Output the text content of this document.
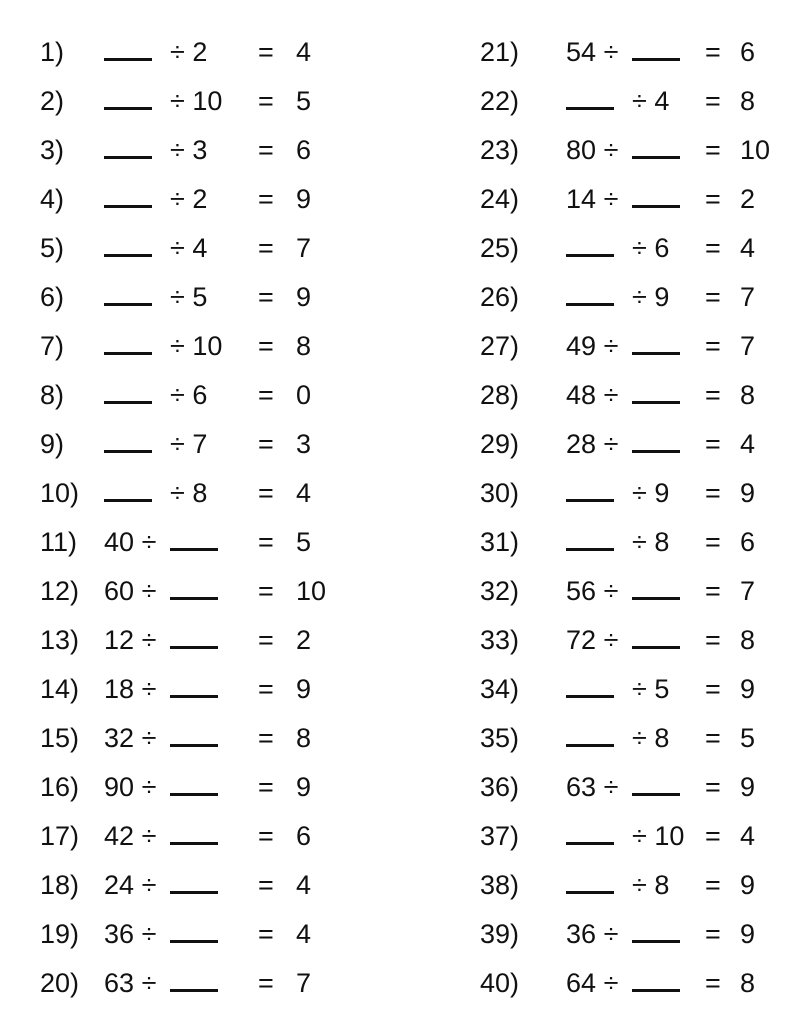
1)	÷ 2 = 4
2)	÷ 10 = 5
3)	÷ 3 = 6
4)	÷ 2 = 9
5)	÷ 4 = 7
6)	÷ 5 = 9
7)	÷ 10 = 8
8)	÷ 6 = 0
9)	÷ 7 = 3
10)	÷ 8 = 4
11) 40 ÷	= 5
12) 60 ÷	= 10
13) 12 ÷	= 2
14) 18 ÷	= 9
15) 32 ÷	= 8
16) 90 ÷	= 9
17) 42 ÷	= 6
18) 24 ÷	= 4
19) 36 ÷	= 4
20) 63 ÷	= 7
21) 54 ÷	= 6
22)	÷ 4 = 8
23) 80 ÷	= 10
24) 14 ÷	= 2
25)	÷ 6 = 4
26)	÷ 9 = 7
27) 49 ÷	= 7
28) 48 ÷	= 8
29) 28 ÷	= 4
30)	÷ 9 = 9
31)	÷ 8 = 6
32) 56 ÷	= 7
33) 72 ÷	= 8
34)	÷ 5 = 9
35)	÷ 8 = 5
36) 63 ÷	= 9
37)	÷ 10 = 4
38)	÷ 8 = 9
39) 36 ÷	= 9
40) 64 ÷	= 8
